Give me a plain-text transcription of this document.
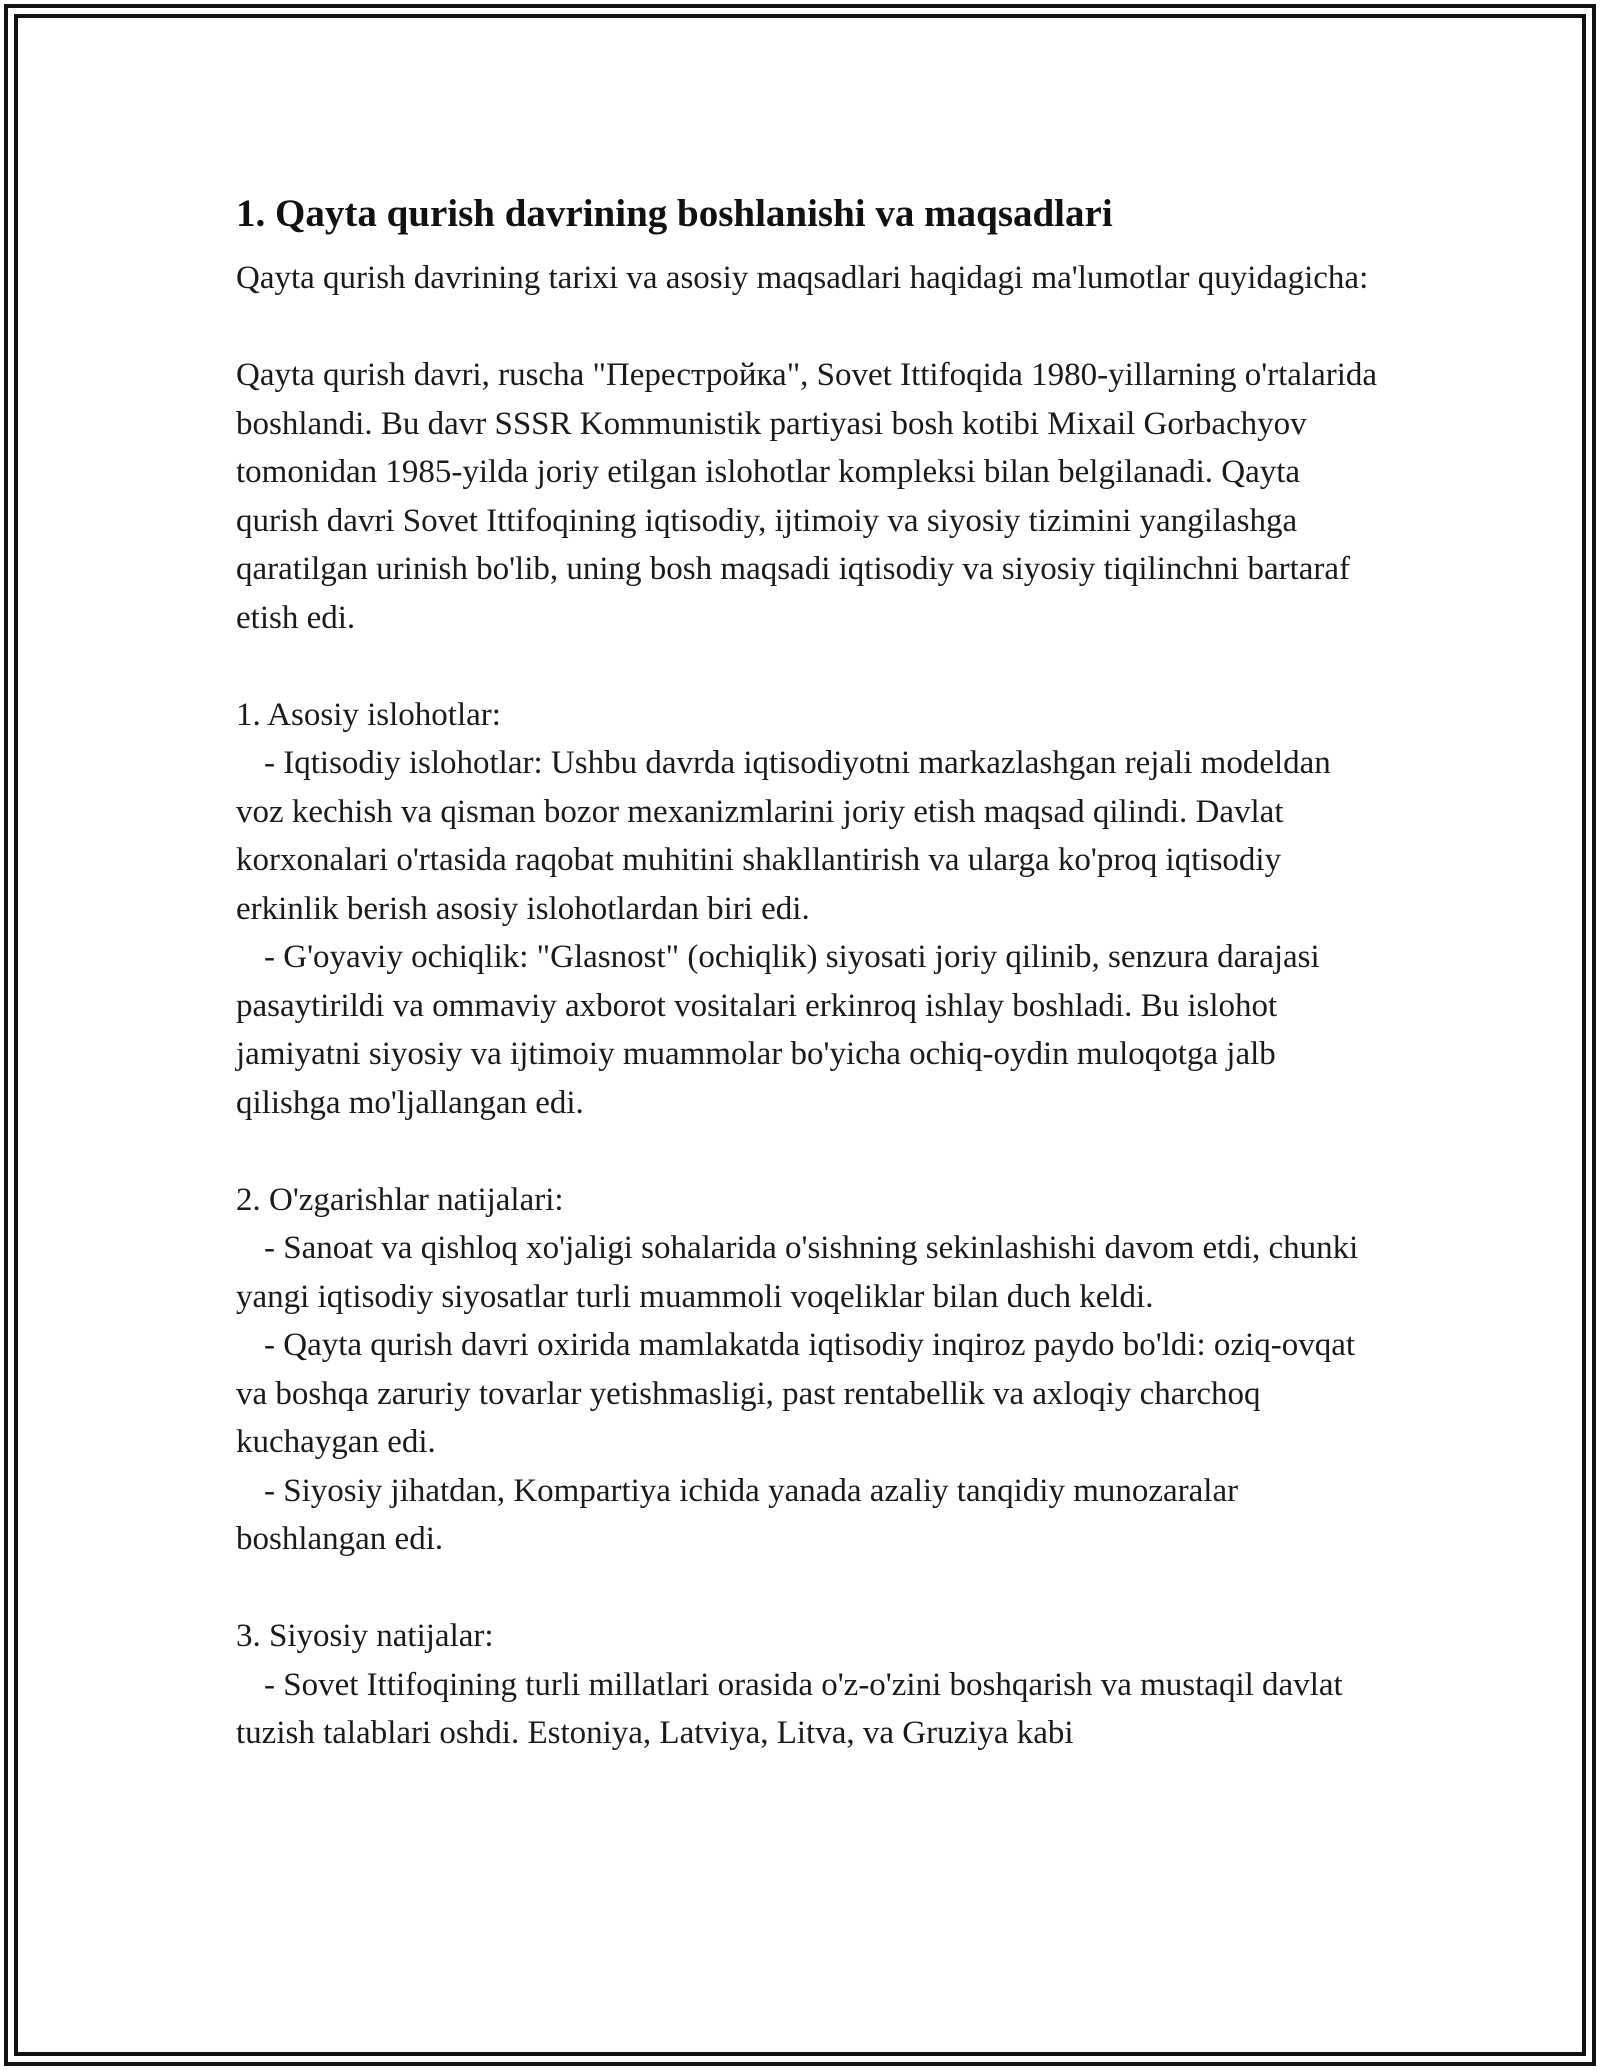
1. Qayta qurish davrining boshlanishi va maqsadlari

Qayta qurish davrining tarixi va asosiy maqsadlari haqidagi ma'lumotlar quyidagicha:

Qayta qurish davri, ruscha "Перестройка", Sovet Ittifoqida 1980-yillarning o'rtalarida boshlandi. Bu davr SSSR Kommunistik partiyasi bosh kotibi Mixail Gorbachyov tomonidan 1985-yilda joriy etilgan islohotlar kompleksi bilan belgilanadi. Qayta qurish davri Sovet Ittifoqining iqtisodiy, ijtimoiy va siyosiy tizimini yangilashga qaratilgan urinish bo'lib, uning bosh maqsadi iqtisodiy va siyosiy tiqilinchni bartaraf etish edi.

1. Asosiy islohotlar:

- Iqtisodiy islohotlar: Ushbu davrda iqtisodiyotni markazlashgan rejali modeldan voz kechish va qisman bozor mexanizmlarini joriy etish maqsad qilindi. Davlat korxonalari o'rtasida raqobat muhitini shakllantirish va ularga ko'proq iqtisodiy erkinlik berish asosiy islohotlardan biri edi.

- G'oyaviy ochiqlik: "Glasnost" (ochiqlik) siyosati joriy qilinib, senzura darajasi pasaytirildi va ommaviy axborot vositalari erkinroq ishlay boshladi. Bu islohot jamiyatni siyosiy va ijtimoiy muammolar bo'yicha ochiq-oydin muloqotga jalb qilishga mo'ljallangan edi.

2. O'zgarishlar natijalari:

- Sanoat va qishloq xo'jaligi sohalarida o'sishning sekinlashishi davom etdi, chunki yangi iqtisodiy siyosatlar turli muammoli voqeliklar bilan duch keldi.

- Qayta qurish davri oxirida mamlakatda iqtisodiy inqiroz paydo bo'ldi: oziq-ovqat va boshqa zaruriy tovarlar yetishmasligi, past rentabellik va axloqiy charchoq kuchaygan edi.

- Siyosiy jihatdan, Kompartiya ichida yanada azaliy tanqidiy munozaralar boshlangan edi.

3. Siyosiy natijalar:

- Sovet Ittifoqining turli millatlari orasida o'z-o'zini boshqarish va mustaqil davlat tuzish talablari oshdi. Estoniya, Latviya, Litva, va Gruziya kabi
